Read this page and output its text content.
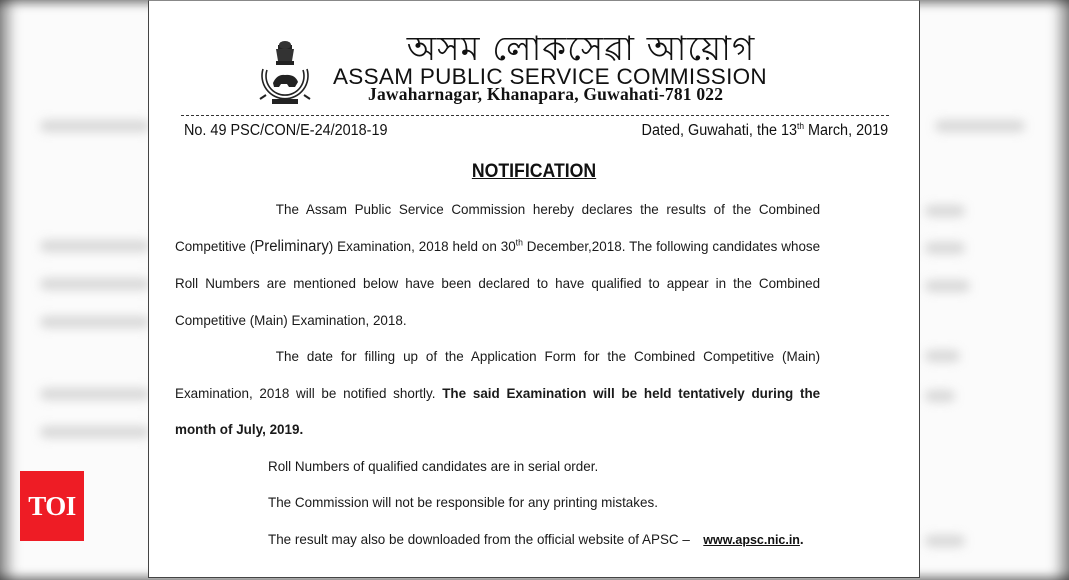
অসম লোকসেৱা আয়োগ
ASSAM PUBLIC SERVICE COMMISSION
Jawaharnagar, Khanapara, Guwahati-781 022
No. 49 PSC/CON/E-24/2018-19	Dated, Guwahati, the 13th March, 2019
NOTIFICATION
The Assam Public Service Commission hereby declares the results of the Combined Competitive (Preliminary) Examination, 2018 held on 30th December,2018. The following candidates whose Roll Numbers are mentioned below have been declared to have qualified to appear in the Combined Competitive (Main) Examination, 2018.
The date for filling up of the Application Form for the Combined Competitive (Main) Examination, 2018 will be notified shortly. The said Examination will be held tentatively during the month of July, 2019.
Roll Numbers of qualified candidates are in serial order.
The Commission will not be responsible for any printing mistakes.
The result may also be downloaded from the official website of APSC – www.apsc.nic.in.
TOI
